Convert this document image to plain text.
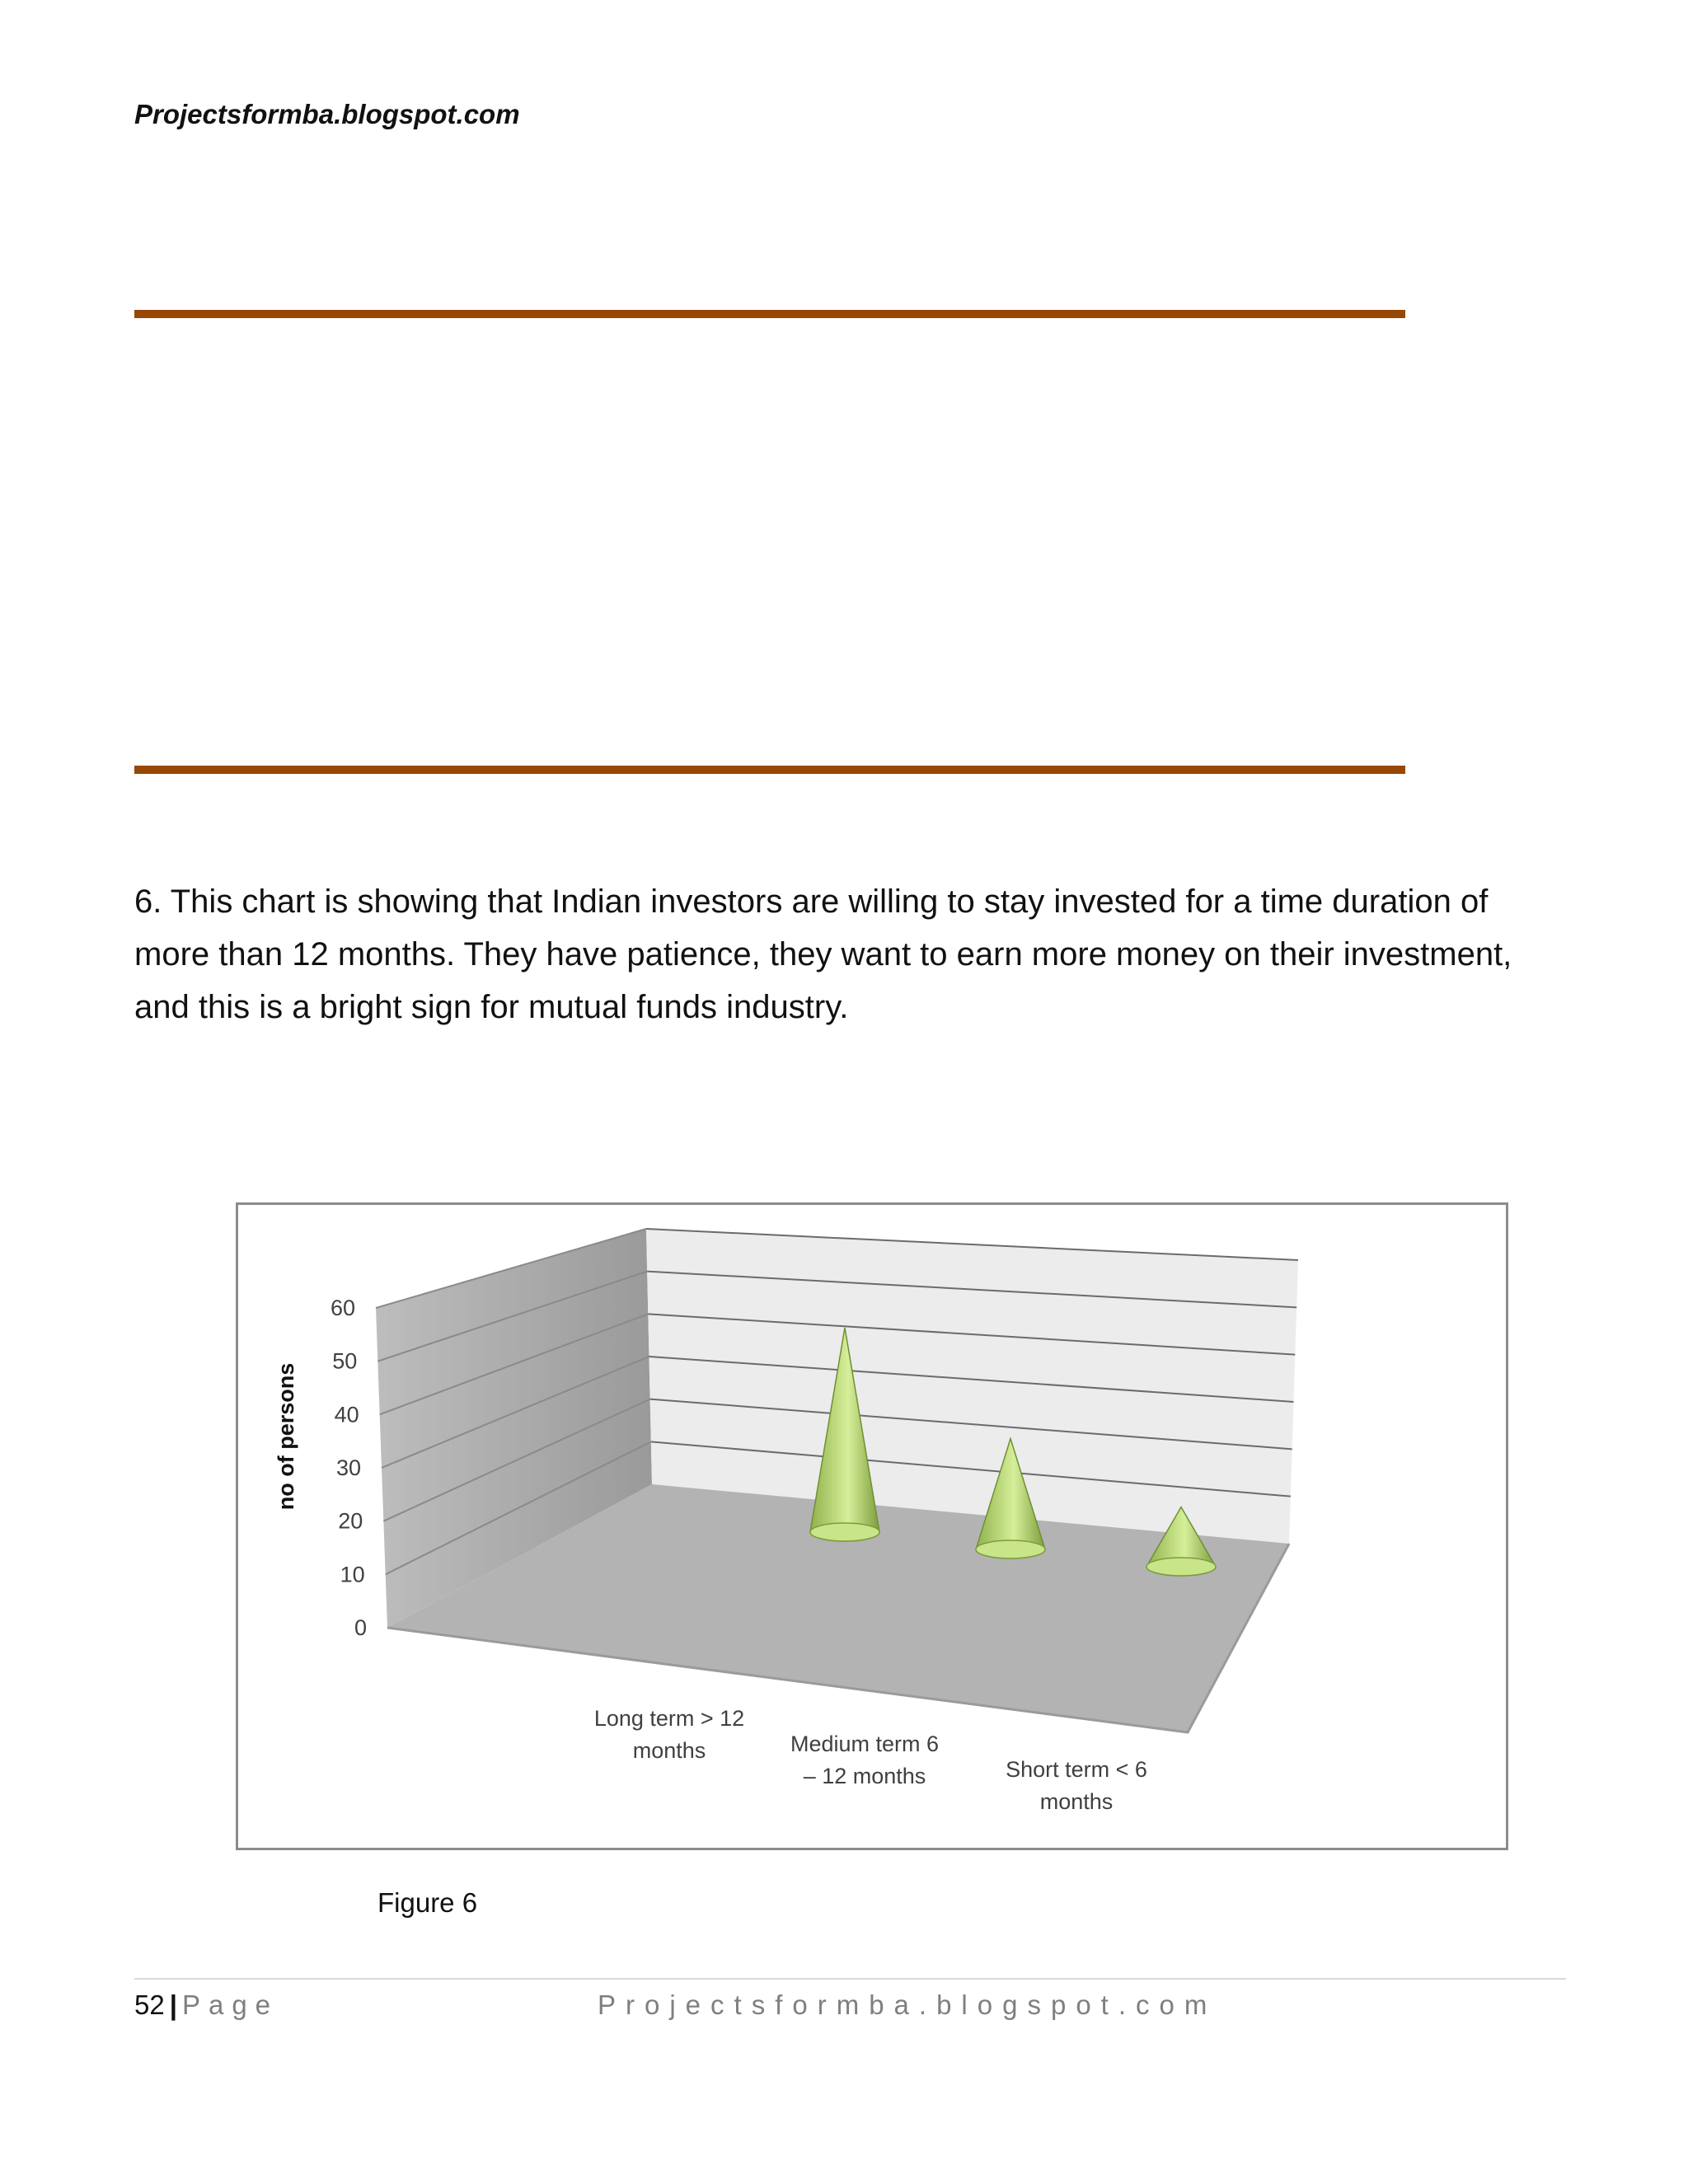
Projectsformba.blogspot.com
6. This chart is showing that Indian investors are willing to stay invested for a time duration of more than 12 months. They have patience, they want to earn more money on their investment, and this is a bright sign for mutual funds industry.
0
10
20
30
40
50
60
no of persons
Long term > 12 months	Medium term 6 – 12 months	Short term < 6 months
Figure 6
52 | Page	Projectsformba.blogspot.com
